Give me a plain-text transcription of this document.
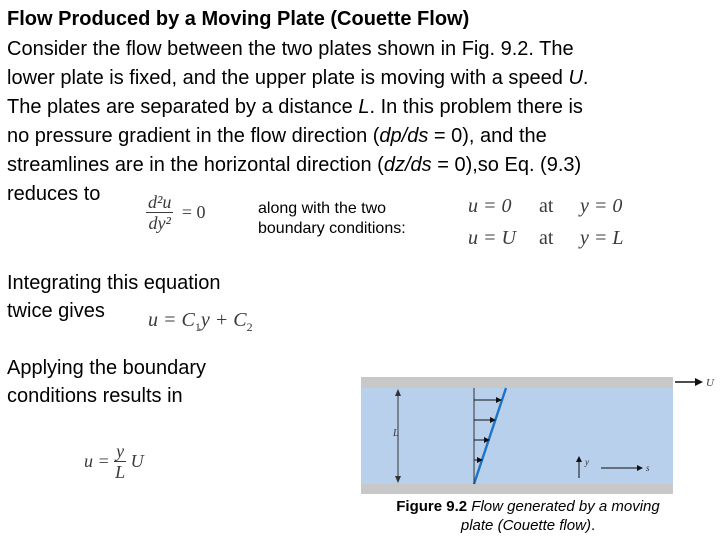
Flow Produced by a Moving Plate (Couette Flow)

Consider the flow between the two plates shown in Fig. 9.2. The

lower plate is fixed, and the upper plate is moving with a speed U.

The plates are separated by a distance L. In this problem there is

no pressure gradient in the flow direction (dp/ds = 0), and the

streamlines are in the horizontal direction (dz/ds = 0),so Eq. (9.3)

reduces to	$\frac{\text{d²u}}{\text{dy²}} = 0$	along with the two
boundary conditions:
u = 0 at y = 0
u = U at y = L
Integrating this equation
twice gives	$u = C_1y + C_2$
Applying the boundary
conditions results in
$u = \frac{y}{L}$ U
U
L
y
s
Figure 9.2 Flow generated by a moving
plate (Couette flow).
